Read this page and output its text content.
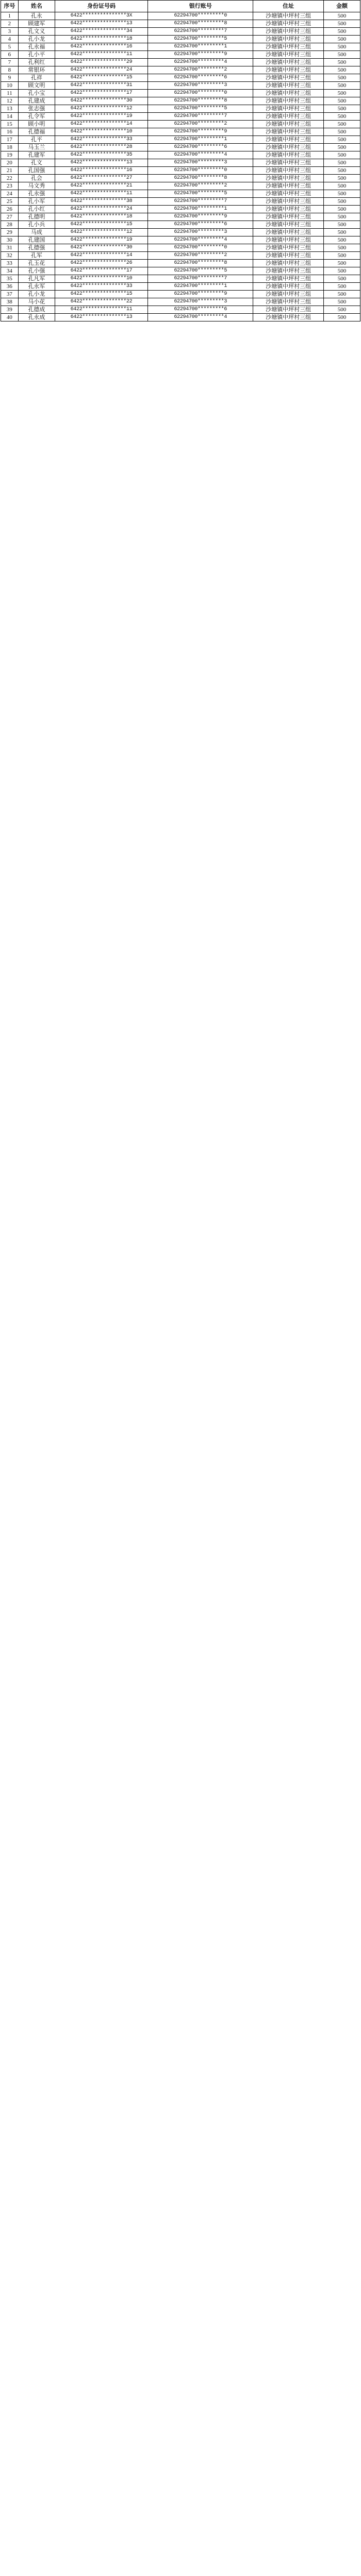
序号	姓名	身份证号码	银行账号	住址	金额
1	孔永	6422***************3X	62294700*********0	沙塘镇中坪村三组	500
2	顾建军	6422***************13	62294700*********8	沙塘镇中坪村三组	500
3	孔文义	6422***************34	62294700*********7	沙塘镇中坪村三组	500
4	孔小龙	6422***************18	62294700*********5	沙塘镇中坪村三组	500
5	孔永福	6422***************16	62294700*********1	沙塘镇中坪村三组	500
6	孔小平	6422***************11	62294700*********9	沙塘镇中坪村三组	500
7	孔利红	6422***************29	62294700*********4	沙塘镇中坪村三组	500
8	常银环	6422***************24	62294700*********2	沙塘镇中坪村三组	500
9	孔祥	6422***************15	62294700*********6	沙塘镇中坪村三组	500
10	顾文明	6422***************31	62294700*********3	沙塘镇中坪村三组	500
11	孔小宝	6422***************17	62294700*********0	沙塘镇中坪村三组	500
12	孔建成	6422***************30	62294700*********8	沙塘镇中坪村三组	500
13	张志强	6422***************12	62294700*********5	沙塘镇中坪村三组	500
14	孔令军	6422***************19	62294700*********7	沙塘镇中坪村三组	500
15	顾小明	6422***************14	62294700*********2	沙塘镇中坪村三组	500
16	孔德福	6422***************10	62294700*********9	沙塘镇中坪村三组	500
17	孔平	6422***************33	62294700*********1	沙塘镇中坪村三组	500
18	马玉兰	6422***************28	62294700*********6	沙塘镇中坪村三组	500
19	孔建军	6422***************35	62294700*********4	沙塘镇中坪村三组	500
20	孔文	6422***************13	62294700*********3	沙塘镇中坪村三组	500
21	孔国强	6422***************16	62294700*********0	沙塘镇中坪村三组	500
22	孔会	6422***************27	62294700*********8	沙塘镇中坪村三组	500
23	马文秀	6422***************21	62294700*********2	沙塘镇中坪村三组	500
24	孔永强	6422***************11	62294700*********5	沙塘镇中坪村三组	500
25	孔小军	6422***************38	62294700*********7	沙塘镇中坪村三组	500
26	孔小红	6422***************24	62294700*********1	沙塘镇中坪村三组	500
27	孔德明	6422***************18	62294700*********9	沙塘镇中坪村三组	500
28	孔小兵	6422***************15	62294700*********6	沙塘镇中坪村三组	500
29	马成	6422***************12	62294700*********3	沙塘镇中坪村三组	500
30	孔建国	6422***************19	62294700*********4	沙塘镇中坪村三组	500
31	孔德强	6422***************30	62294700*********0	沙塘镇中坪村三组	500
32	孔军	6422***************14	62294700*********2	沙塘镇中坪村三组	500
33	孔玉花	6422***************26	62294700*********8	沙塘镇中坪村三组	500
34	孔小强	6422***************17	62294700*********5	沙塘镇中坪村三组	500
35	孔凡军	6422***************10	62294700*********7	沙塘镇中坪村三组	500
36	孔永军	6422***************33	62294700*********1	沙塘镇中坪村三组	500
37	孔小龙	6422***************15	62294700*********9	沙塘镇中坪村三组	500
38	马小花	6422***************22	62294700*********3	沙塘镇中坪村三组	500
39	孔德成	6422***************11	62294700*********6	沙塘镇中坪村三组	500
40	孔永成	6422***************13	62294700*********4	沙塘镇中坪村三组	500
